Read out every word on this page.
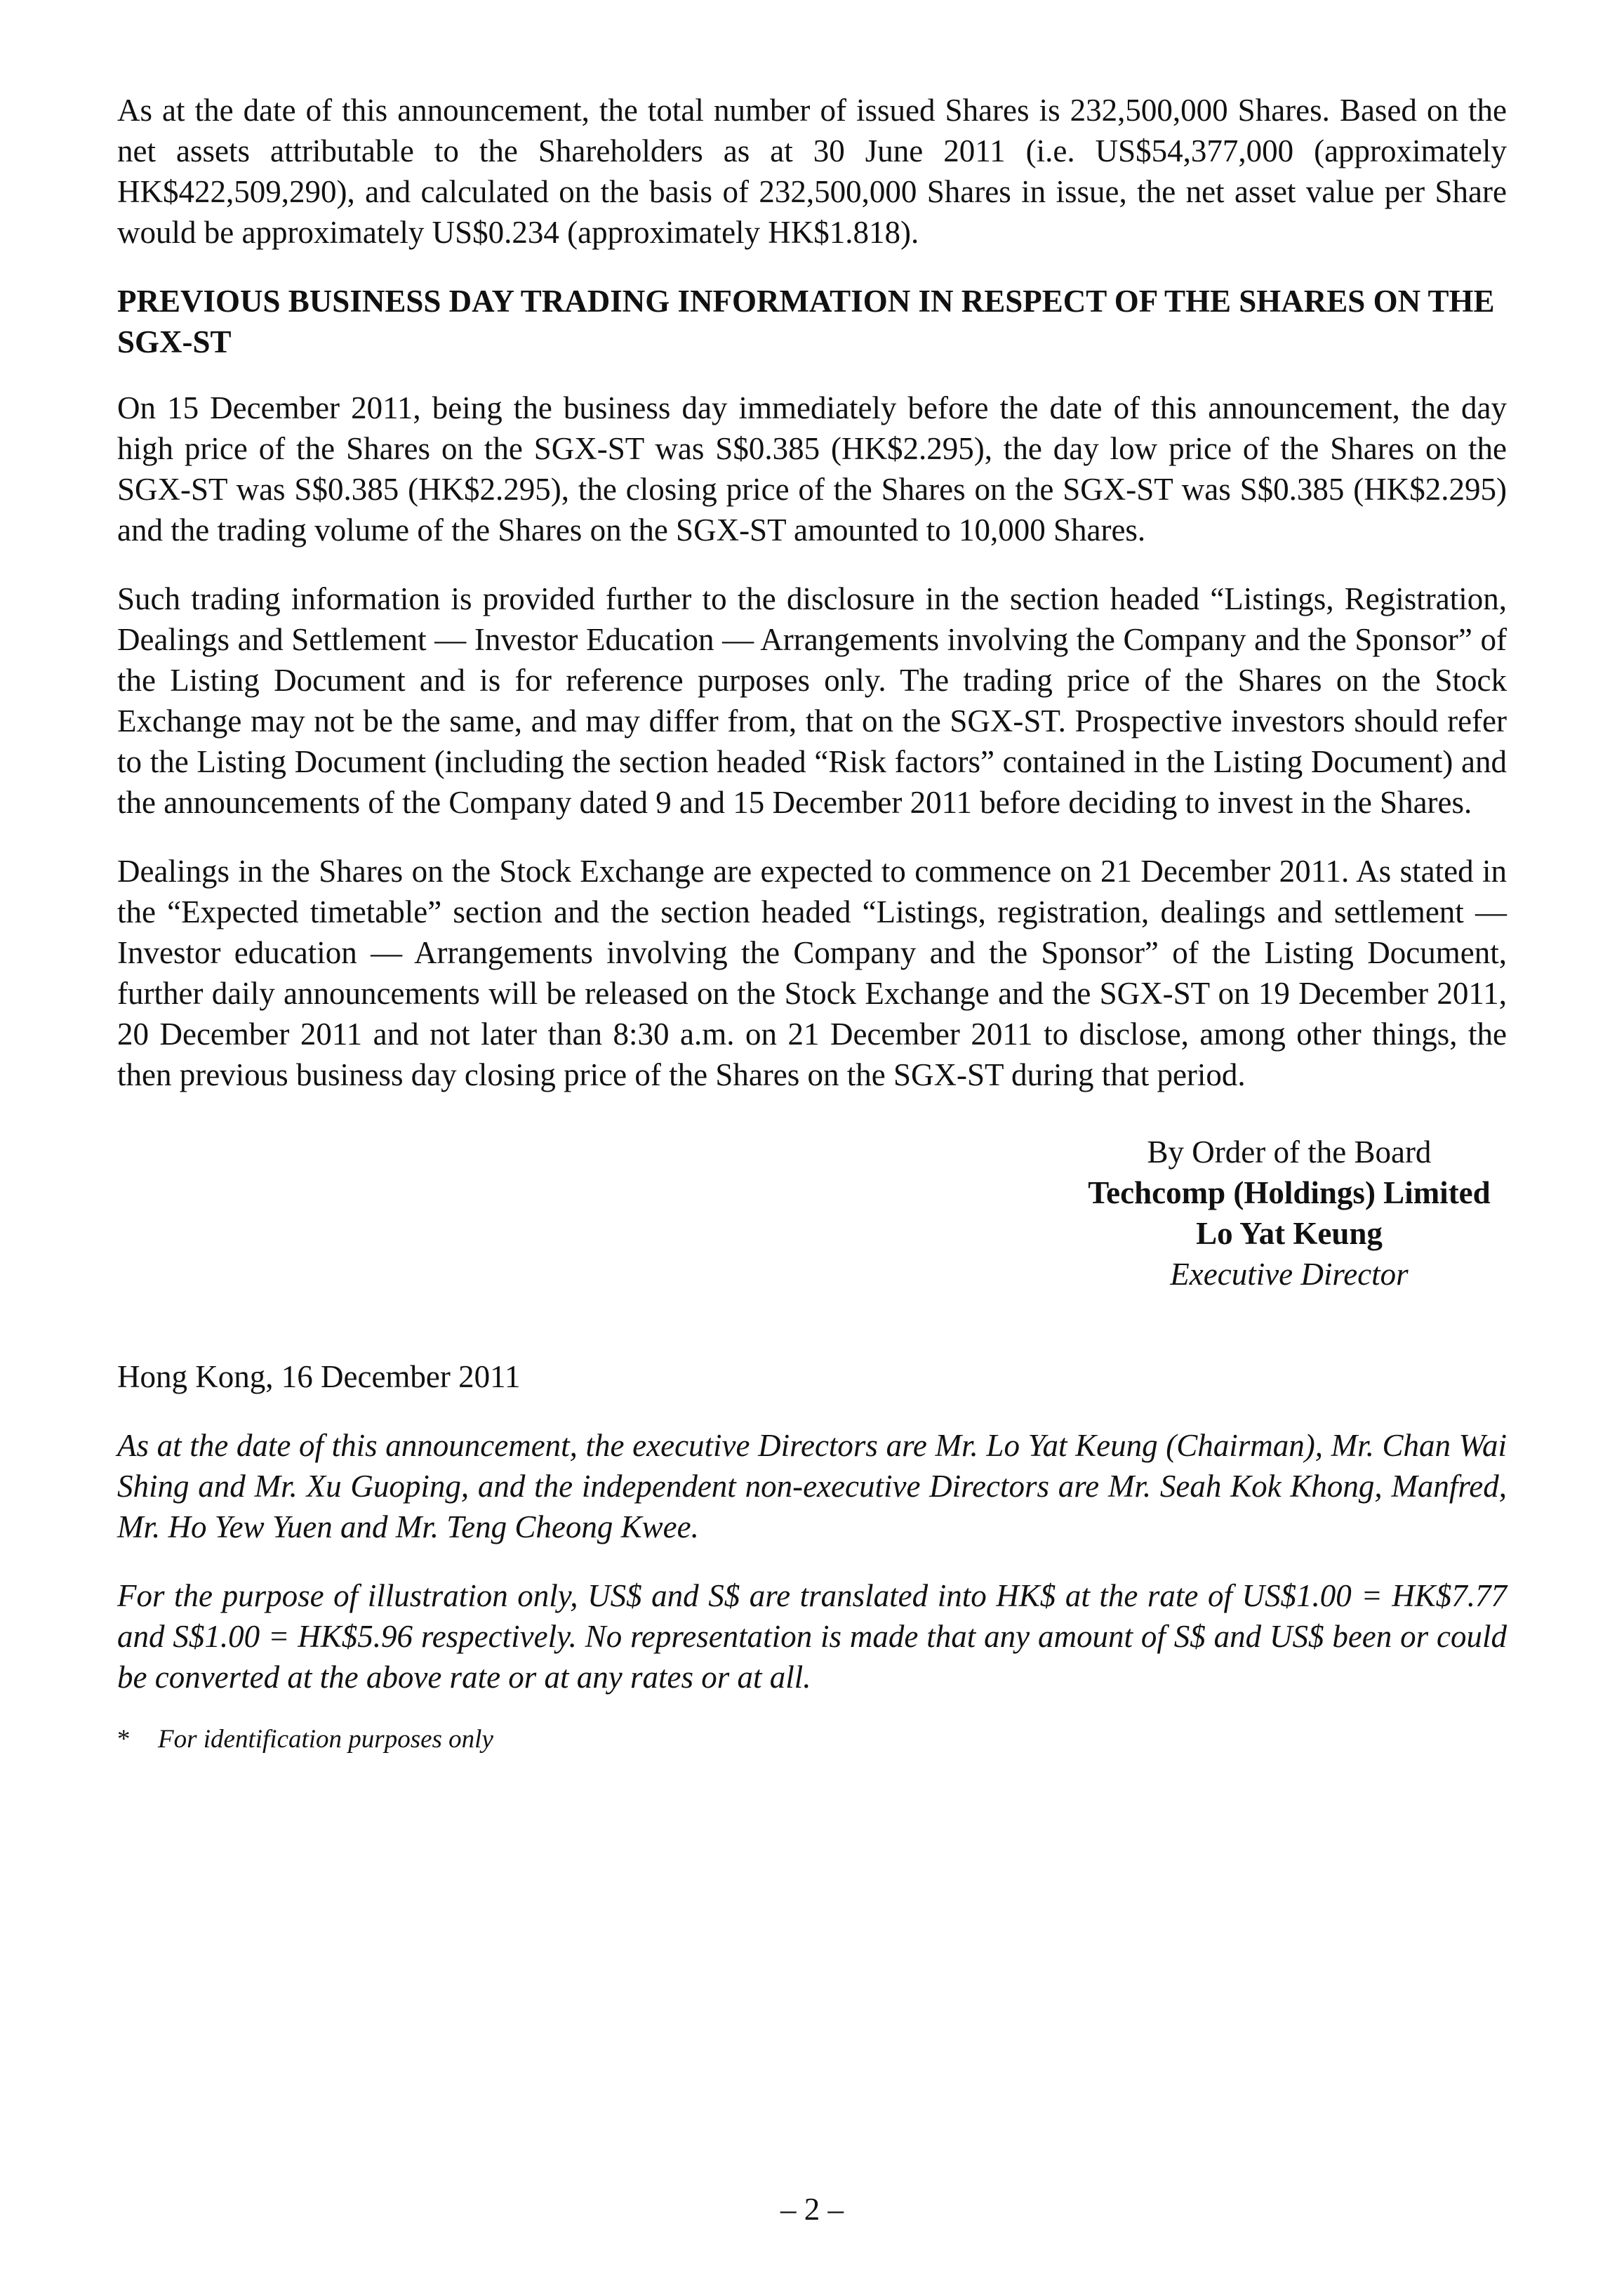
As at the date of this announcement, the total number of issued Shares is 232,500,000 Shares. Based on the net assets attributable to the Shareholders as at 30 June 2011 (i.e. US$54,377,000 (approximately HK$422,509,290), and calculated on the basis of 232,500,000 Shares in issue, the net asset value per Share would be approximately US$0.234 (approximately HK$1.818).

PREVIOUS BUSINESS DAY TRADING INFORMATION IN RESPECT OF THE SHARES ON THE SGX-ST

On 15 December 2011, being the business day immediately before the date of this announcement, the day high price of the Shares on the SGX-ST was S$0.385 (HK$2.295), the day low price of the Shares on the SGX-ST was S$0.385 (HK$2.295), the closing price of the Shares on the SGX-ST was S$0.385 (HK$2.295) and the trading volume of the Shares on the SGX-ST amounted to 10,000 Shares.

Such trading information is provided further to the disclosure in the section headed “Listings, Registration, Dealings and Settlement — Investor Education — Arrangements involving the Company and the Sponsor” of the Listing Document and is for reference purposes only. The trading price of the Shares on the Stock Exchange may not be the same, and may differ from, that on the SGX-ST. Prospective investors should refer to the Listing Document (including the section headed “Risk factors” contained in the Listing Document) and the announcements of the Company dated 9 and 15 December 2011 before deciding to invest in the Shares.

Dealings in the Shares on the Stock Exchange are expected to commence on 21 December 2011. As stated in the “Expected timetable” section and the section headed “Listings, registration, dealings and settlement — Investor education — Arrangements involving the Company and the Sponsor” of the Listing Document, further daily announcements will be released on the Stock Exchange and the SGX-ST on 19 December 2011, 20 December 2011 and not later than 8:30 a.m. on 21 December 2011 to disclose, among other things, the then previous business day closing price of the Shares on the SGX-ST during that period.

By Order of the Board
Techcomp (Holdings) Limited
Lo Yat Keung
Executive Director

Hong Kong, 16 December 2011

As at the date of this announcement, the executive Directors are Mr. Lo Yat Keung (Chairman), Mr. Chan Wai Shing and Mr. Xu Guoping, and the independent non-executive Directors are Mr. Seah Kok Khong, Manfred, Mr. Ho Yew Yuen and Mr. Teng Cheong Kwee.

For the purpose of illustration only, US$ and S$ are translated into HK$ at the rate of US$1.00 = HK$7.77 and S$1.00 = HK$5.96 respectively. No representation is made that any amount of S$ and US$ been or could be converted at the above rate or at any rates or at all.

* For identification purposes only
– 2 –
